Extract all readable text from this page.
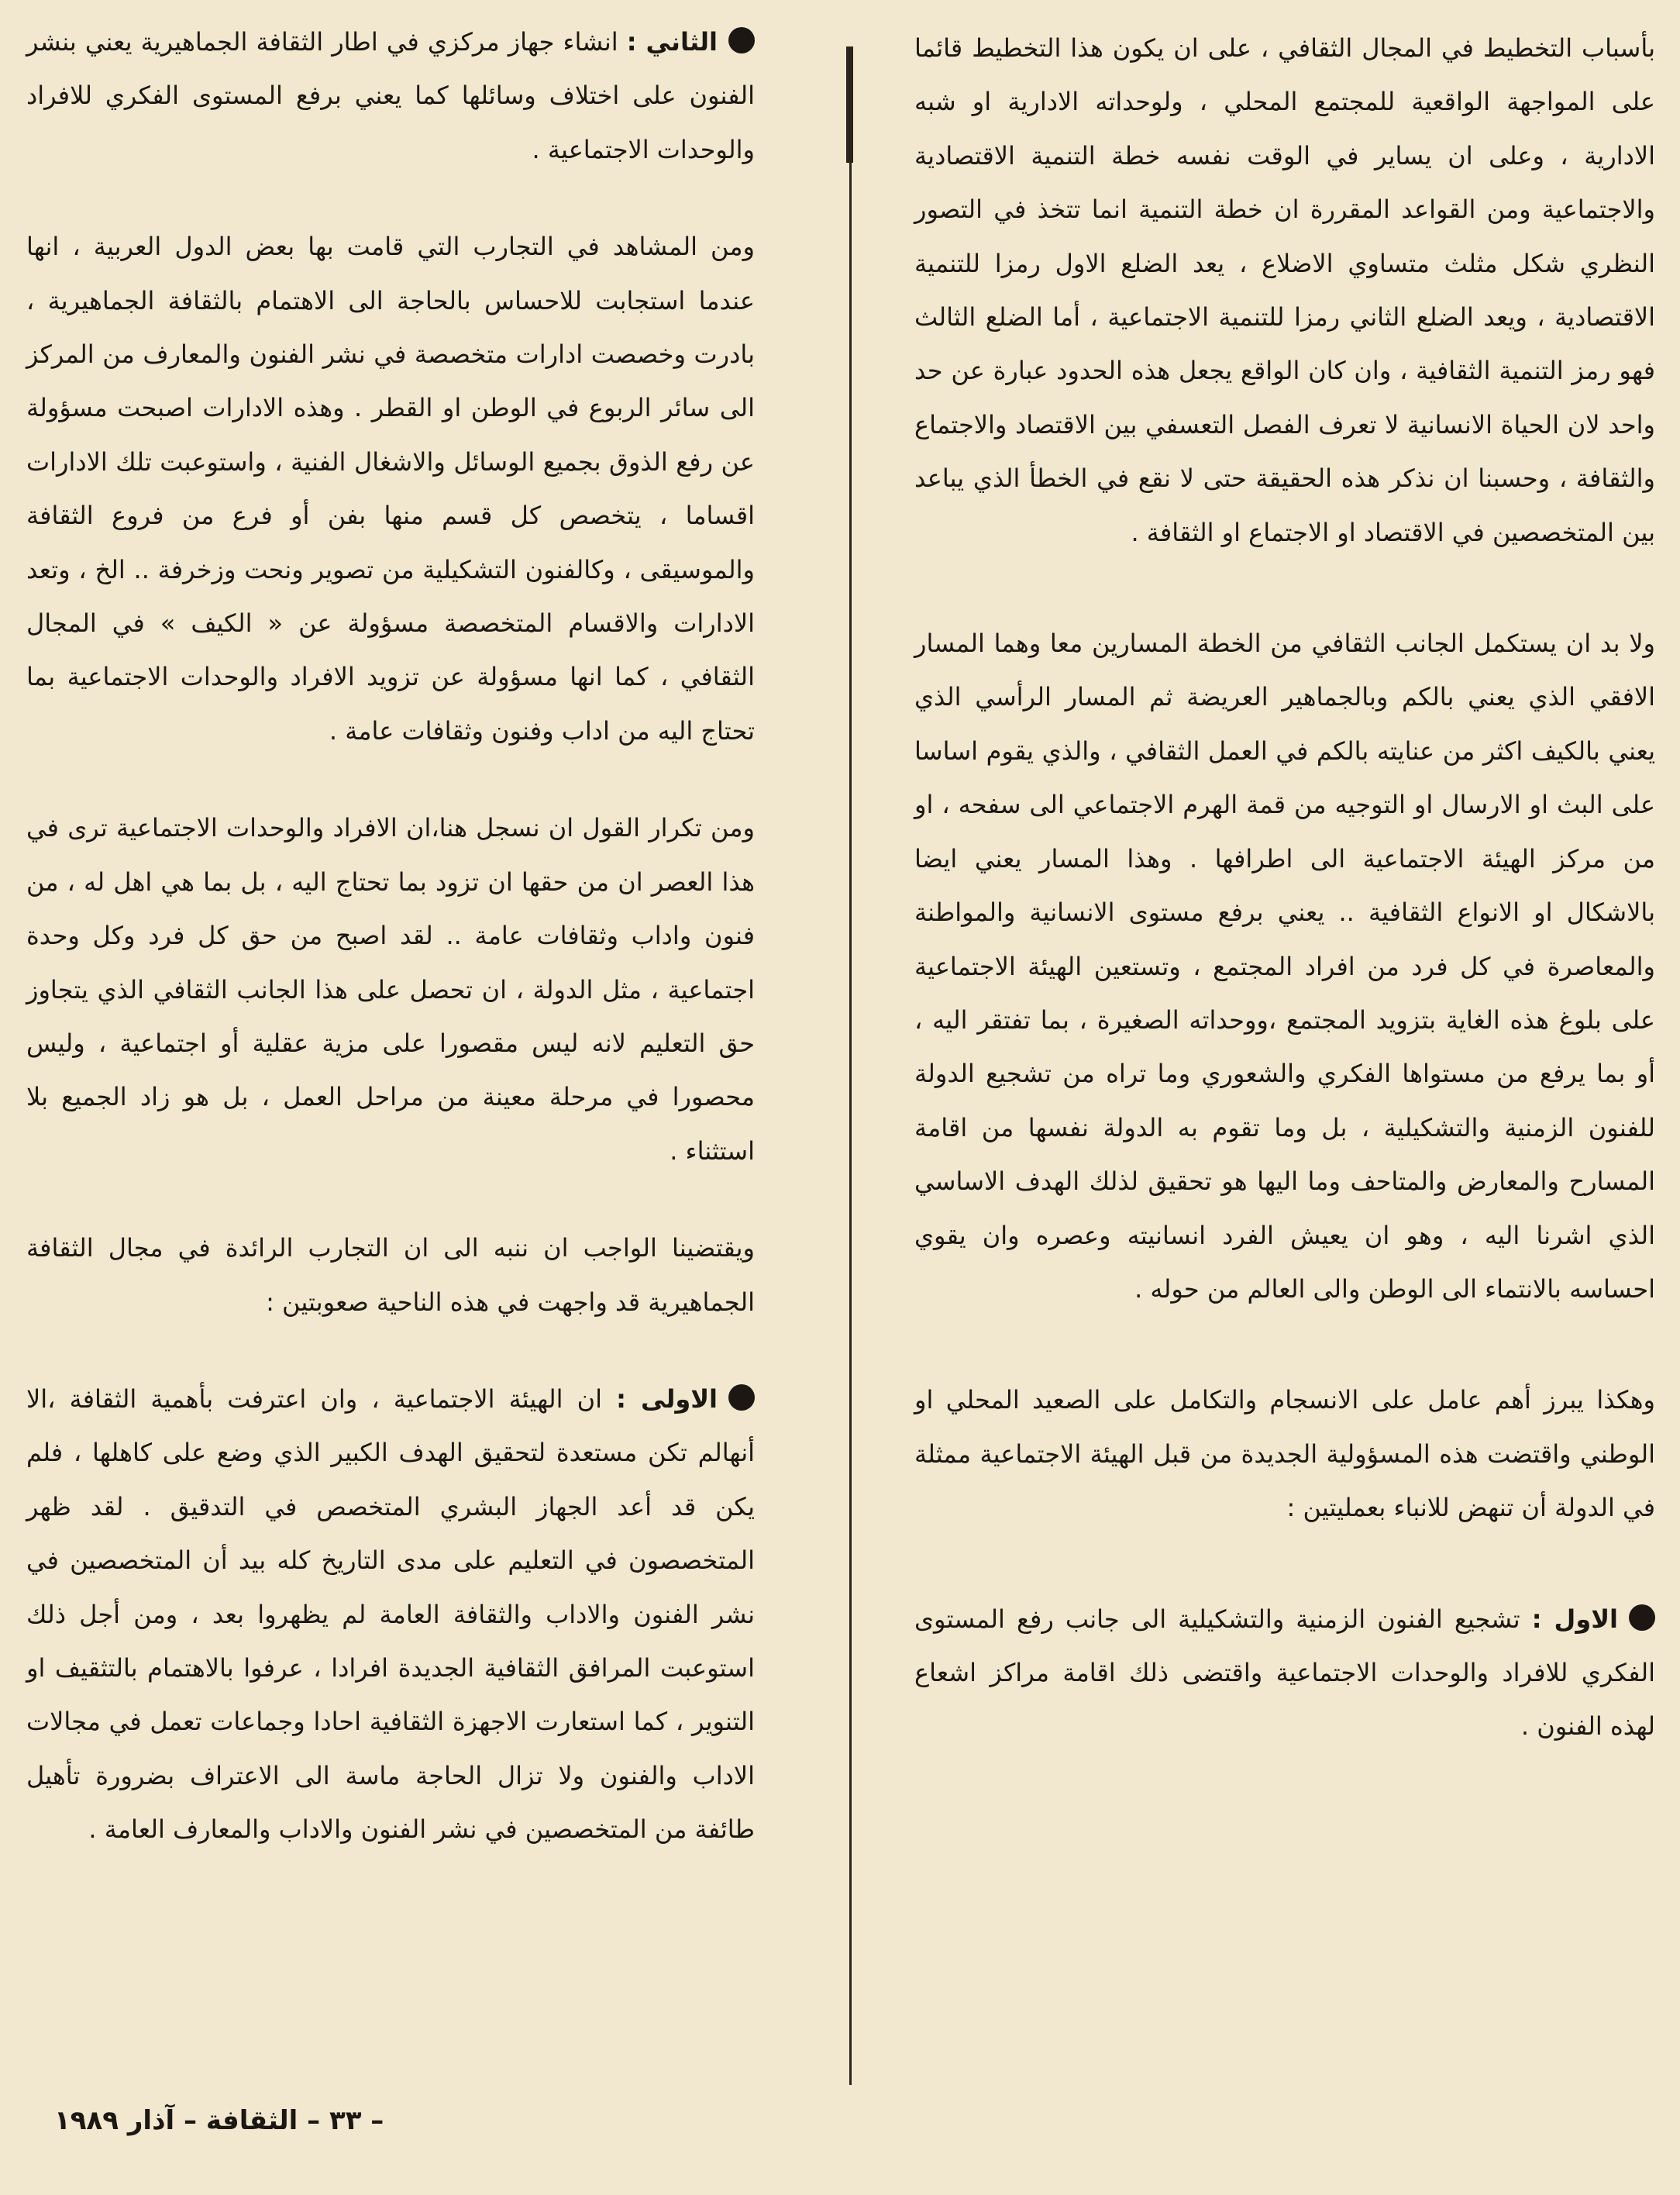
بأسباب التخطيط في المجال الثقافي ، على ان يكون هذا التخطيط قائما على المواجهة الواقعية للمجتمع المحلي ، ولوحداته الادارية او شبه الادارية ، وعلى ان يساير في الوقت نفسه خطة التنمية الاقتصادية والاجتماعية ومن القواعد المقررة ان خطة التنمية انما تتخذ في التصور النظري شكل مثلث متساوي الاضلاع ، يعد الضلع الاول رمزا للتنمية الاقتصادية ، ويعد الضلع الثاني رمزا للتنمية الاجتماعية ، أما الضلع الثالث فهو رمز التنمية الثقافية ، وان كان الواقع يجعل هذه الحدود عبارة عن حد واحد لان الحياة الانسانية لا تعرف الفصل التعسفي بين الاقتصاد والاجتماع والثقافة ، وحسبنا ان نذكر هذه الحقيقة حتى لا نقع في الخطأ الذي يباعد بين المتخصصين في الاقتصاد او الاجتماع او الثقافة .

ولا بد ان يستكمل الجانب الثقافي من الخطة المسارين معا وهما المسار الافقي الذي يعني بالكم وبالجماهير العريضة ثم المسار الرأسي الذي يعني بالكيف اكثر من عنايته بالكم في العمل الثقافي ، والذي يقوم اساسا على البث او الارسال او التوجيه من قمة الهرم الاجتماعي الى سفحه ، او من مركز الهيئة الاجتماعية الى اطرافها . وهذا المسار يعني ايضا بالاشكال او الانواع الثقافية .. يعني برفع مستوى الانسانية والمواطنة والمعاصرة في كل فرد من افراد المجتمع ، وتستعين الهيئة الاجتماعية على بلوغ هذه الغاية بتزويد المجتمع ،ووحداته الصغيرة ، بما تفتقر اليه ، أو بما يرفع من مستواها الفكري والشعوري وما تراه من تشجيع الدولة للفنون الزمنية والتشكيلية ، بل وما تقوم به الدولة نفسها من اقامة المسارح والمعارض والمتاحف وما اليها هو تحقيق لذلك الهدف الاساسي الذي اشرنا اليه ، وهو ان يعيش الفرد انسانيته وعصره وان يقوي احساسه بالانتماء الى الوطن والى العالم من حوله .

وهكذا يبرز أهم عامل على الانسجام والتكامل على الصعيد المحلي او الوطني واقتضت هذه المسؤولية الجديدة من قبل الهيئة الاجتماعية ممثلة في الدولة أن تنهض للانباء بعمليتين :

الاول : تشجيع الفنون الزمنية والتشكيلية الى جانب رفع المستوى الفكري للافراد والوحدات الاجتماعية واقتضى ذلك اقامة مراكز اشعاع لهذه الفنون .

الثاني : انشاء جهاز مركزي في اطار الثقافة الجماهيرية يعني بنشر الفنون على اختلاف وسائلها كما يعني برفع المستوى الفكري للافراد والوحدات الاجتماعية .

ومن المشاهد في التجارب التي قامت بها بعض الدول العربية ، انها عندما استجابت للاحساس بالحاجة الى الاهتمام بالثقافة الجماهيرية ، بادرت وخصصت ادارات متخصصة في نشر الفنون والمعارف من المركز الى سائر الربوع في الوطن او القطر . وهذه الادارات اصبحت مسؤولة عن رفع الذوق بجميع الوسائل والاشغال الفنية ، واستوعبت تلك الادارات اقساما ، يتخصص كل قسم منها بفن أو فرع من فروع الثقافة والموسيقى ، وكالفنون التشكيلية من تصوير ونحت وزخرفة .. الخ ، وتعد الادارات والاقسام المتخصصة مسؤولة عن « الكيف » في المجال الثقافي ، كما انها مسؤولة عن تزويد الافراد والوحدات الاجتماعية بما تحتاج اليه من اداب وفنون وثقافات عامة .

ومن تكرار القول ان نسجل هنا،ان الافراد والوحدات الاجتماعية ترى في هذا العصر ان من حقها ان تزود بما تحتاج اليه ، بل بما هي اهل له ، من فنون واداب وثقافات عامة .. لقد اصبح من حق كل فرد وكل وحدة اجتماعية ، مثل الدولة ، ان تحصل على هذا الجانب الثقافي الذي يتجاوز حق التعليم لانه ليس مقصورا على مزية عقلية أو اجتماعية ، وليس محصورا في مرحلة معينة من مراحل العمل ، بل هو زاد الجميع بلا استثناء .

ويقتضينا الواجب ان ننبه الى ان التجارب الرائدة في مجال الثقافة الجماهيرية قد واجهت في هذه الناحية صعوبتين :

الاولى : ان الهيئة الاجتماعية ، وان اعترفت بأهمية الثقافة ،الا أنهالم تكن مستعدة لتحقيق الهدف الكبير الذي وضع على كاهلها ، فلم يكن قد أعد الجهاز البشري المتخصص في التدقيق . لقد ظهر المتخصصون في التعليم على مدى التاريخ كله بيد أن المتخصصين في نشر الفنون والاداب والثقافة العامة لم يظهروا بعد ، ومن أجل ذلك استوعبت المرافق الثقافية الجديدة افرادا ، عرفوا بالاهتمام بالتثقيف او التنوير ، كما استعارت الاجهزة الثقافية احادا وجماعات تعمل في مجالات الاداب والفنون ولا تزال الحاجة ماسة الى الاعتراف بضرورة تأهيل طائفة من المتخصصين في نشر الفنون والاداب والمعارف العامة .

– ٣٣ – الثقافة – آذار ١٩٨٩
